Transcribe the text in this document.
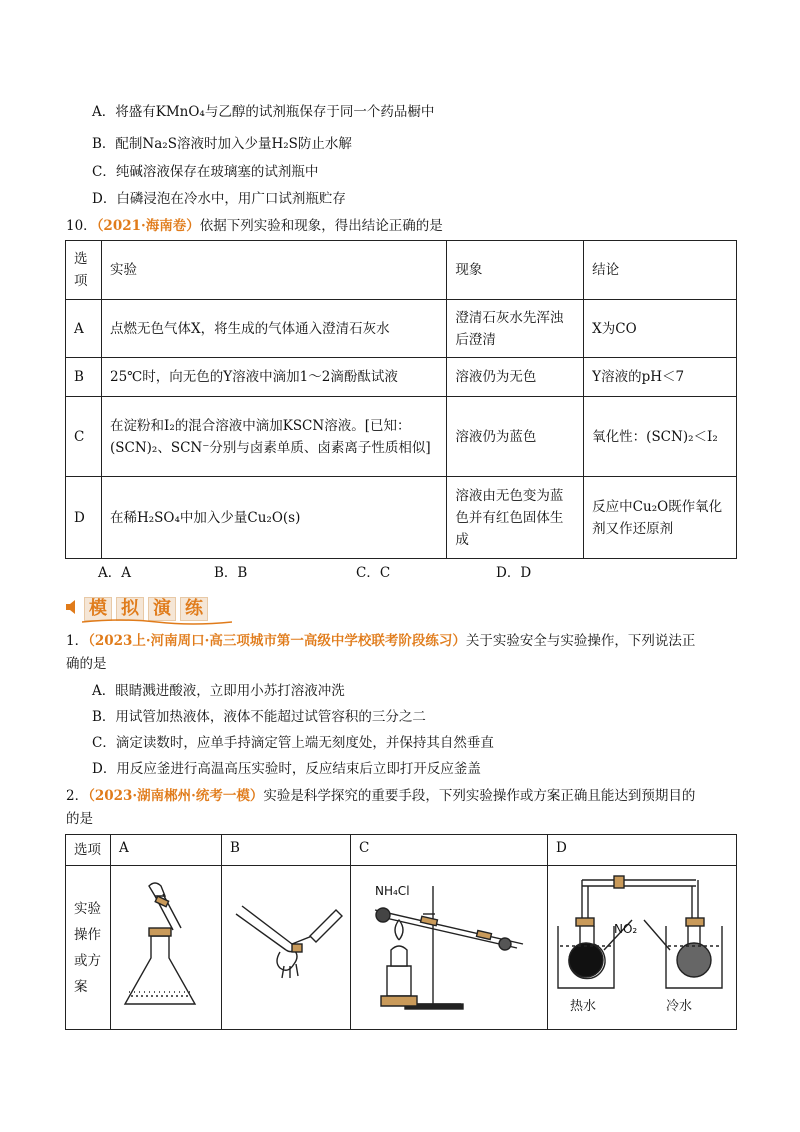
A．将盛有KMnO₄与乙醇的试剂瓶保存于同一个药品橱中
B．配制Na₂S溶液时加入少量H₂S防止水解
C．纯碱溶液保存在玻璃塞的试剂瓶中
D．白磷浸泡在冷水中，用广口试剂瓶贮存
10．（2021·海南卷）依据下列实验和现象，得出结论正确的是
选项	实验	现象	结论
A	点燃无色气体X，将生成的气体通入澄清石灰水	澄清石灰水先浑浊后澄清	X为CO
B	25℃时，向无色的Y溶液中滴加1～2滴酚酞试液	溶液仍为无色	Y溶液的pH＜7
C	在淀粉和I₂的混合溶液中滴加KSCN溶液。[已知：(SCN)₂、SCN⁻分别与卤素单质、卤素离子性质相似]	溶液仍为蓝色	氧化性：(SCN)₂＜I₂
D	在稀H₂SO₄中加入少量Cu₂O(s)	溶液由无色变为蓝色并有红色固体生成	反应中Cu₂O既作氧化剂又作还原剂
A．A	B．B	C．C	D．D
模 拟 演 练
1．（2023上·河南周口·高三项城市第一高级中学校联考阶段练习）关于实验安全与实验操作，下列说法正
确的是
A．眼睛溅进酸液，立即用小苏打溶液冲洗
B．用试管加热液体，液体不能超过试管容积的三分之二
C．滴定读数时，应单手持滴定管上端无刻度处，并保持其自然垂直
D．用反应釜进行高温高压实验时，反应结束后立即打开反应釜盖
2．（2023·湖南郴州·统考一模）实验是科学探究的重要手段，下列实验操作或方案正确且能达到预期目的
的是
选项	A	B	C	D
实验操作或方案			NH₄Cl	NO₂
热水 冷水
